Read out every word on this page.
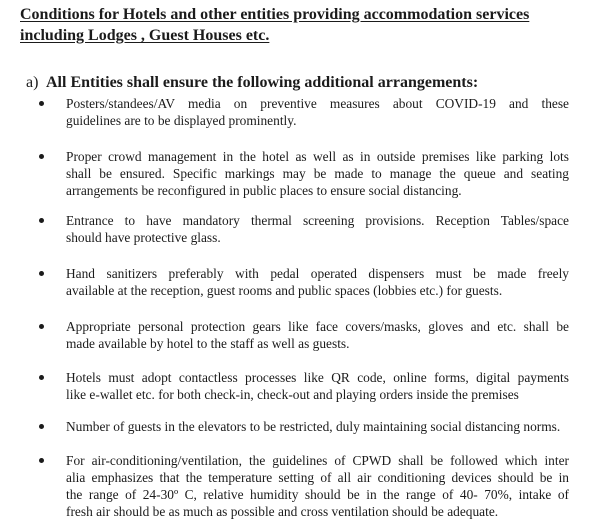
Conditions for Hotels and other entities providing accommodation services
including Lodges , Guest Houses etc.
a) All Entities shall ensure the following additional arrangements:
Posters/standees/AV media on preventive measures about COVID-19 and these
guidelines are to be displayed prominently.
Proper crowd management in the hotel as well as in outside premises like parking lots
shall be ensured. Specific markings may be made to manage the queue and seating
arrangements be reconfigured in public places to ensure social distancing.
Entrance to have mandatory thermal screening provisions. Reception Tables/space
should have protective glass.
Hand sanitizers preferably with pedal operated dispensers must be made freely
available at the reception, guest rooms and public spaces (lobbies etc.) for guests.
Appropriate personal protection gears like face covers/masks, gloves and etc. shall be
made available by hotel to the staff as well as guests.
Hotels must adopt contactless processes like QR code, online forms, digital payments
like e-wallet etc. for both check-in, check-out and playing orders inside the premises
Number of guests in the elevators to be restricted, duly maintaining social distancing norms.
For air-conditioning/ventilation, the guidelines of CPWD shall be followed which inter
alia emphasizes that the temperature setting of all air conditioning devices should be in
the range of 24-30º C, relative humidity should be in the range of 40- 70%, intake of
fresh air should be as much as possible and cross ventilation should be adequate.
